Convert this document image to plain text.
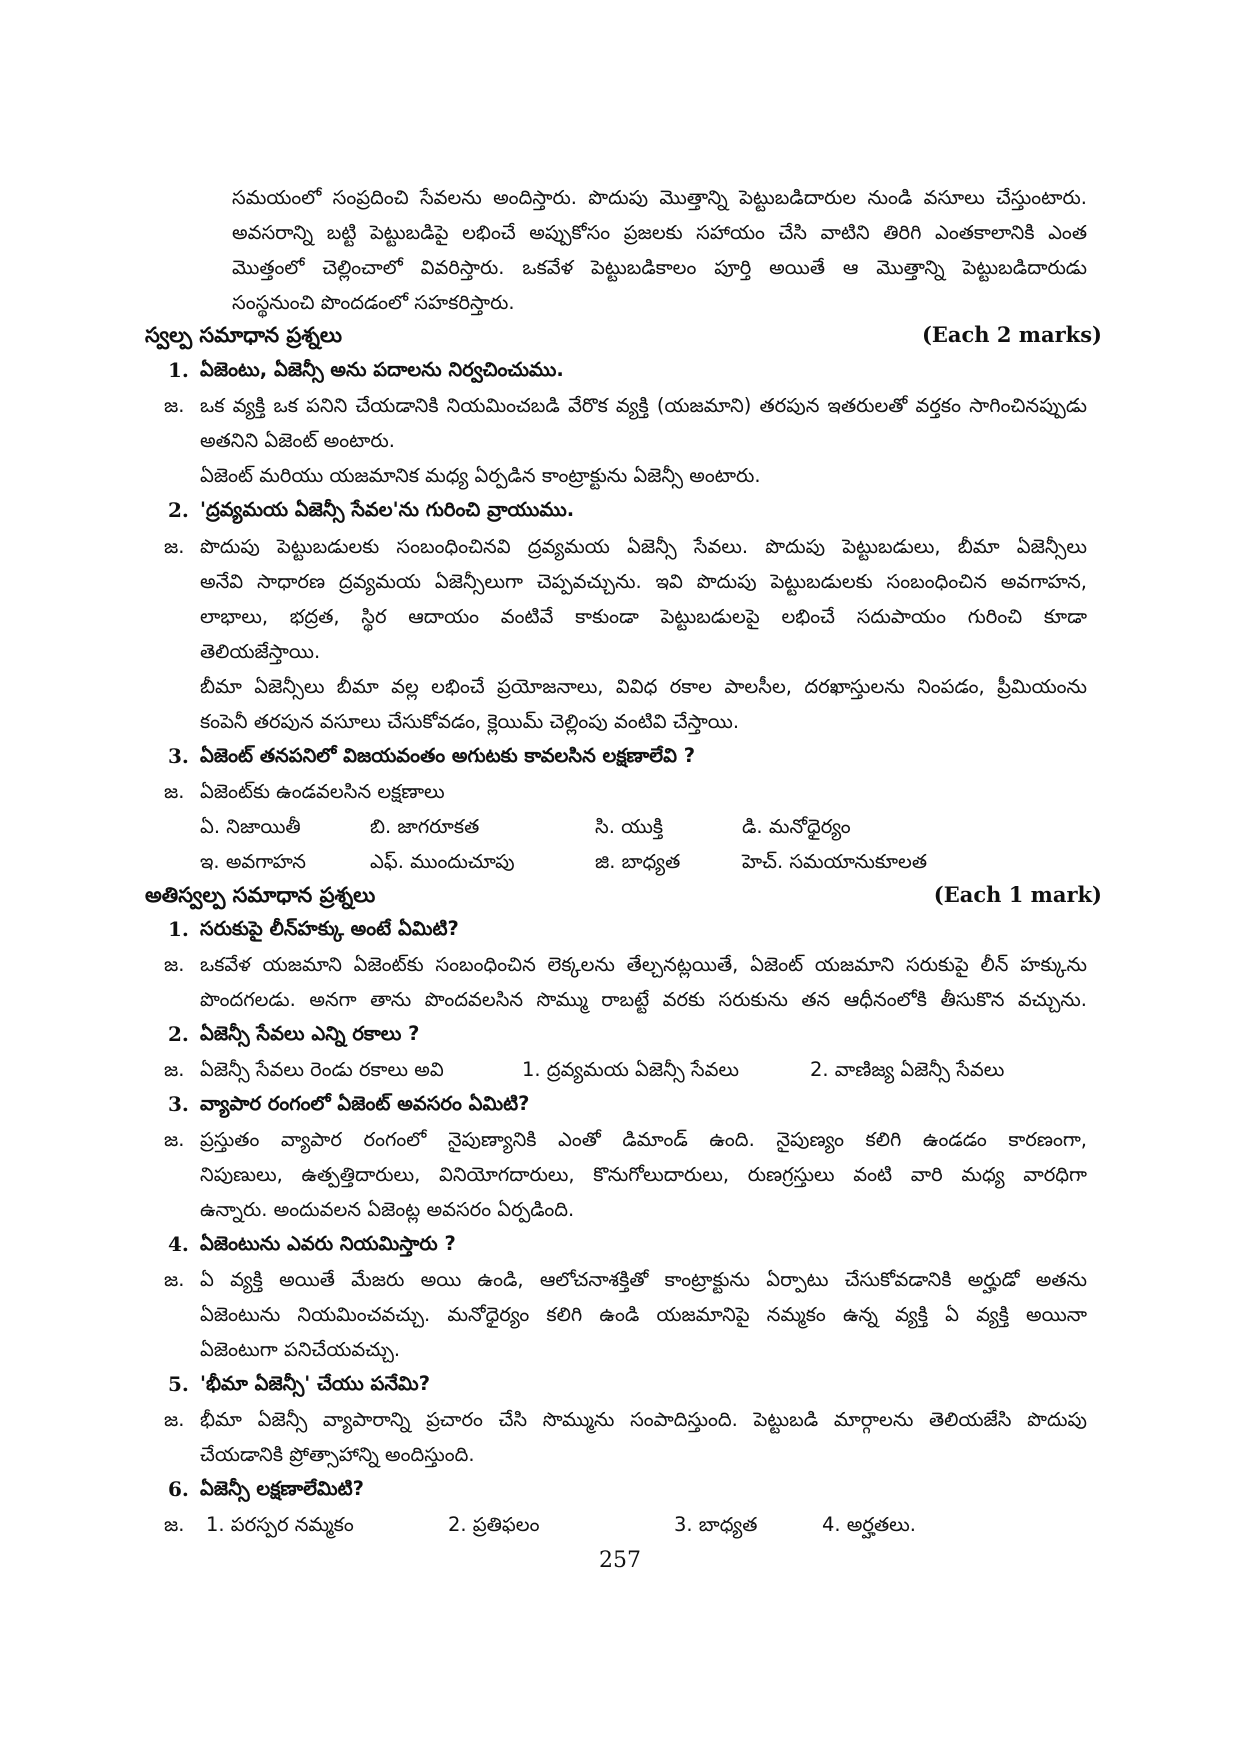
సమయంలో సంప్రదించి సేవలను అందిస్తారు. పొదుపు మొత్తాన్ని పెట్టుబడిదారుల నుండి వసూలు చేస్తుంటారు.
అవసరాన్ని బట్టి పెట్టుబడిపై లభించే అప్పుకోసం ప్రజలకు సహాయం చేసి వాటిని తిరిగి ఎంతకాలానికి ఎంత
మొత్తంలో చెల్లించాలో వివరిస్తారు. ఒకవేళ పెట్టుబడికాలం పూర్తి అయితే ఆ మొత్తాన్ని పెట్టుబడిదారుడు
సంస్థనుంచి పొందడంలో సహకరిస్తారు.
స్వల్ప సమాధాన ప్రశ్నలు	(Each 2 marks)
1. ఏజెంటు, ఏజెన్సీ అను పదాలను నిర్వచించుము.
జ. ఒక వ్యక్తి ఒక పనిని చేయడానికి నియమించబడి వేరొక వ్యక్తి (యజమాని) తరపున ఇతరులతో వర్తకం సాగించినప్పుడు
అతనిని ఏజెంట్ అంటారు.
ఏజెంట్ మరియు యజమానిక మధ్య ఏర్పడిన కాంట్రాక్టును ఏజెన్సీ అంటారు.
2. 'ద్రవ్యమయ ఏజెన్సీ సేవల'ను గురించి వ్రాయుము.
జ. పొదుపు పెట్టుబడులకు సంబంధించినవి ద్రవ్యమయ ఏజెన్సీ సేవలు. పొదుపు పెట్టుబడులు, బీమా ఏజెన్సీలు
అనేవి సాధారణ ద్రవ్యమయ ఏజెన్సీలుగా చెప్పవచ్చును. ఇవి పొదుపు పెట్టుబడులకు సంబంధించిన అవగాహన,
లాభాలు, భద్రత, స్థిర ఆదాయం వంటివే కాకుండా పెట్టుబడులపై లభించే సదుపాయం గురించి కూడా
తెలియజేస్తాయి.
బీమా ఏజెన్సీలు బీమా వల్ల లభించే ప్రయోజనాలు, వివిధ రకాల పాలసీల, దరఖాస్తులను నింపడం, ప్రీమియంను
కంపెనీ తరపున వసూలు చేసుకోవడం, క్లెయిమ్ చెల్లింపు వంటివి చేస్తాయి.
3. ఏజెంట్ తనపనిలో విజయవంతం అగుటకు కావలసిన లక్షణాలేవి ?
జ. ఏజెంట్‌కు ఉండవలసిన లక్షణాలు
ఏ. నిజాయితీ	బి. జాగరూకత	సి. యుక్తి	డి. మనోధైర్యం
ఇ. అవగాహన	ఎఫ్. ముందుచూపు	జి. బాధ్యత	హెచ్. సమయానుకూలత
అతిస్వల్ప సమాధాన ప్రశ్నలు	(Each 1 mark)
1. సరుకుపై లీన్‌హక్కు అంటే ఏమిటి?
జ. ఒకవేళ యజమాని ఏజెంట్‌కు సంబంధించిన లెక్కలను తేల్చనట్లయితే, ఏజెంట్ యజమాని సరుకుపై లీన్ హక్కును
పొందగలడు. అనగా తాను పొందవలసిన సొమ్ము రాబట్టే వరకు సరుకును తన ఆధీనంలోకి తీసుకొన వచ్చును.
2. ఏజెన్సీ సేవలు ఎన్ని రకాలు ?
జ. ఏజెన్సీ సేవలు రెండు రకాలు అవి	1. ద్రవ్యమయ ఏజెన్సీ సేవలు	2. వాణిజ్య ఏజెన్సీ సేవలు
3. వ్యాపార రంగంలో ఏజెంట్ అవసరం ఏమిటి?
జ. ప్రస్తుతం వ్యాపార రంగంలో నైపుణ్యానికి ఎంతో డిమాండ్ ఉంది. నైపుణ్యం కలిగి ఉండడం కారణంగా,
నిపుణులు, ఉత్పత్తిదారులు, వినియోగదారులు, కొనుగోలుదారులు, రుణగ్రస్తులు వంటి వారి మధ్య వారధిగా
ఉన్నారు. అందువలన ఏజెంట్ల అవసరం ఏర్పడింది.
4. ఏజెంటును ఎవరు నియమిస్తారు ?
జ. ఏ వ్యక్తి అయితే మేజరు అయి ఉండి, ఆలోచనాశక్తితో కాంట్రాక్టును ఏర్పాటు చేసుకోవడానికి అర్హుడో అతను
ఏజెంటును నియమించవచ్చు. మనోధైర్యం కలిగి ఉండి యజమానిపై నమ్మకం ఉన్న వ్యక్తి ఏ వ్యక్తి అయినా
ఏజెంటుగా పనిచేయవచ్చు.
5. 'భీమా ఏజెన్సీ' చేయు పనేమి?
జ. భీమా ఏజెన్సీ వ్యాపారాన్ని ప్రచారం చేసి సొమ్మును సంపాదిస్తుంది. పెట్టుబడి మార్గాలను తెలియజేసి పొదుపు
చేయడానికి ప్రోత్సాహాన్ని అందిస్తుంది.
6. ఏజెన్సీ లక్షణాలేమిటి?
జ. 1. పరస్పర నమ్మకం	2. ప్రతిఫలం	3. బాధ్యత	4. అర్హతలు.
257
